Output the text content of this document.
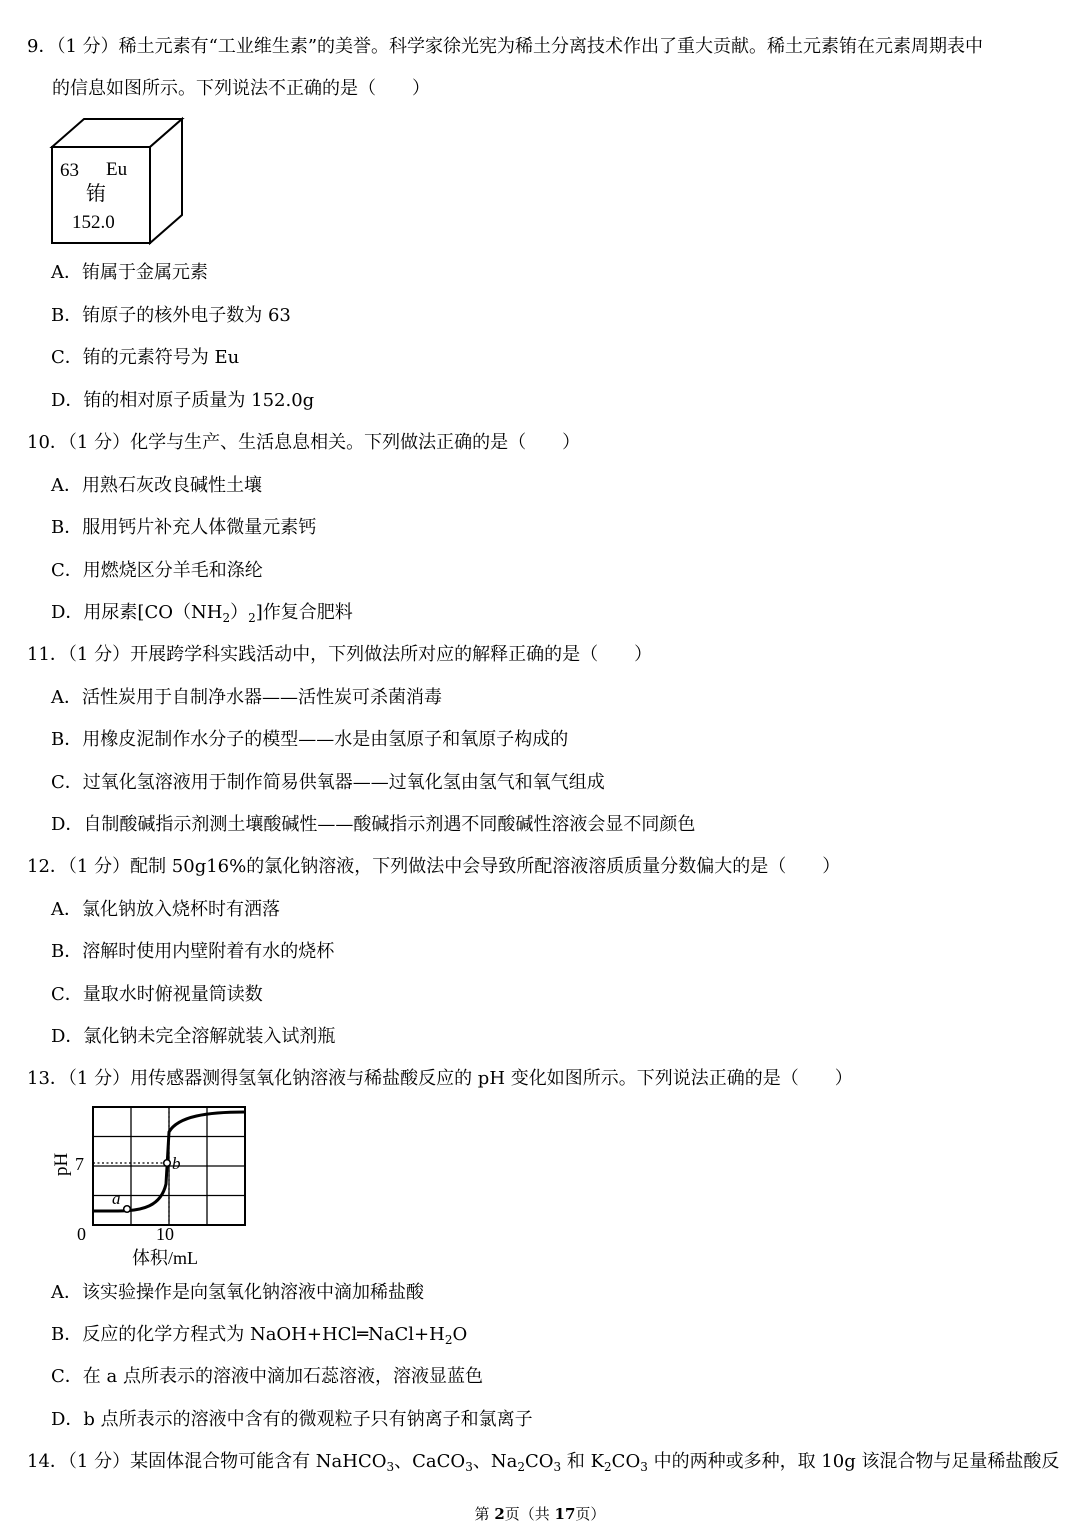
9．（1 分）稀土元素有“工业维生素”的美誉。科学家徐光宪为稀土分离技术作出了重大贡献。稀土元素铕在元素周期表中
的信息如图所示。下列说法不正确的是（　　）
63 Eu
铕
152.0
A．铕属于金属元素
B．铕原子的核外电子数为 63
C．铕的元素符号为 Eu
D．铕的相对原子质量为 152.0g
10．（1 分）化学与生产、生活息息相关。下列做法正确的是（　　）
A．用熟石灰改良碱性土壤
B．服用钙片补充人体微量元素钙
C．用燃烧区分羊毛和涤纶
D．用尿素$[CO(NH_2)_2]$作复合肥料
11．（1 分）开展跨学科实践活动中，下列做法所对应的解释正确的是（　　）
A．活性炭用于自制净水器——活性炭可杀菌消毒
B．用橡皮泥制作水分子的模型——水是由氢原子和氧原子构成的
C．过氧化氢溶液用于制作简易供氧器——过氧化氢由氢气和氧气组成
D．自制酸碱指示剂测土壤酸碱性——酸碱指示剂遇不同酸碱性溶液会显不同颜色
12．（1 分）配制 50g16%的氯化钠溶液，下列做法中会导致所配溶液溶质质量分数偏大的是（　　）
A．氯化钠放入烧杯时有洒落
B．溶解时使用内壁附着有水的烧杯
C．量取水时俯视量筒读数
D．氯化钠未完全溶解就装入试剂瓶
13．（1 分）用传感器测得氢氧化钠溶液与稀盐酸反应的 pH 变化如图所示。下列说法正确的是（　　）
a
b
7
pH
0	10
体积/mL
A．该实验操作是向氢氧化钠溶液中滴加稀盐酸
B．反应的化学方程式为 $NaOH+HCl═NaCl+H_2O$
C．在 a 点所表示的溶液中滴加石蕊溶液，溶液显蓝色
D．b 点所表示的溶液中含有的微观粒子只有钠离子和氯离子
14．（1 分）某固体混合物可能含有 NaHCO$_3$、CaCO$_3$、$Na_2CO_3$ 和 $K_2CO_3$ 中的两种或多种，取 10g 该混合物与足量稀盐酸反
第 2页（共 17页）
